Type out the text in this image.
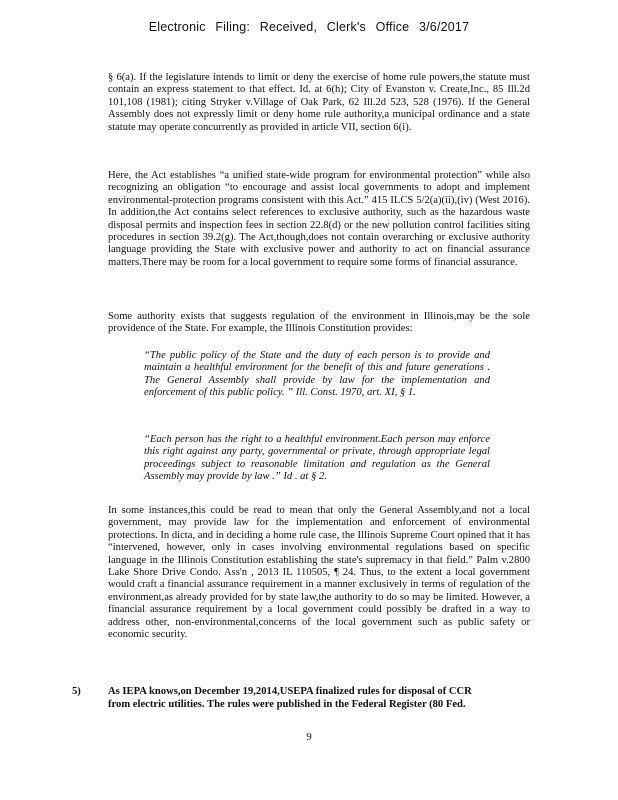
Electronic Filing: Received, Clerk's Office 3/6/2017

§ 6(a). If the legislature intends to limit or deny the exercise of home rule powers,the statute must contain an express statement to that effect. Id. at 6(h); City of Evanston v. Create,Inc., 85 Ill.2d 101,108 (1981); citing Stryker v.Village of Oak Park, 62 Ill.2d 523, 528 (1976). If the General Assembly does not expressly limit or deny home rule authority,a municipal ordinance and a state statute may operate concurrently as provided in article VII, section 6(i).

Here, the Act establishes “a unified state-wide program for environmental protection” while also recognizing an obligation “to encourage and assist local governments to adopt and implement environmental-protection programs consistent with this Act.” 415 ILCS 5/2(a)(ii),(iv) (West 2016). In addition,the Act contains select references to exclusive authority, such as the hazardous waste disposal permits and inspection fees in section 22.8(d) or the new pollution control facilities siting procedures in section 39.2(g). The Act,though,does not contain overarching or exclusive authority language providing the State with exclusive power and authority to act on financial assurance matters.There may be room for a local government to require some forms of financial assurance.

Some authority exists that suggests regulation of the environment in Illinois,may be the sole providence of the State. For example, the Illinois Constitution provides:

“The public policy of the State and the duty of each person is to provide and maintain a healthful environment for the benefit of this and future generations . The General Assembly shall provide by law for the implementation and enforcement of this public policy. ” Ill. Const. 1970, art. XI, § 1.

“Each person has the right to a healthful environment.Each person may enforce this right against any party, governmental or private, through appropriate legal proceedings subject to reasonable limitation and regulation as the General Assembly may provide by law .” Id . at § 2.

In some instances,this could be read to mean that only the General Assembly,and not a local government, may provide law for the implementation and enforcement of environmental protections. In dicta, and in deciding a home rule case, the Illinois Supreme Court opined that it has “intervened, however, only in cases involving environmental regulations based on specific language in the Illinois Constitution establishing the state's supremacy in that field.” Palm v.2800 Lake Shore Drive Condo. Ass'n , 2013 IL 110505, ¶ 24. Thus, to the extent a local government would craft a financial assurance requirement in a manner exclusively in terms of regulation of the environment,as already provided for by state law,the authority to do so may be limited. However, a financial assurance requirement by a local government could possibly be drafted in a way to address other, non-environmental,concerns of the local government such as public safety or economic security.

5)	As IEPA knows,on December 19,2014,USEPA finalized rules for disposal of CCR
from electric utilities. The rules were published in the Federal Register (80 Fed.
9
